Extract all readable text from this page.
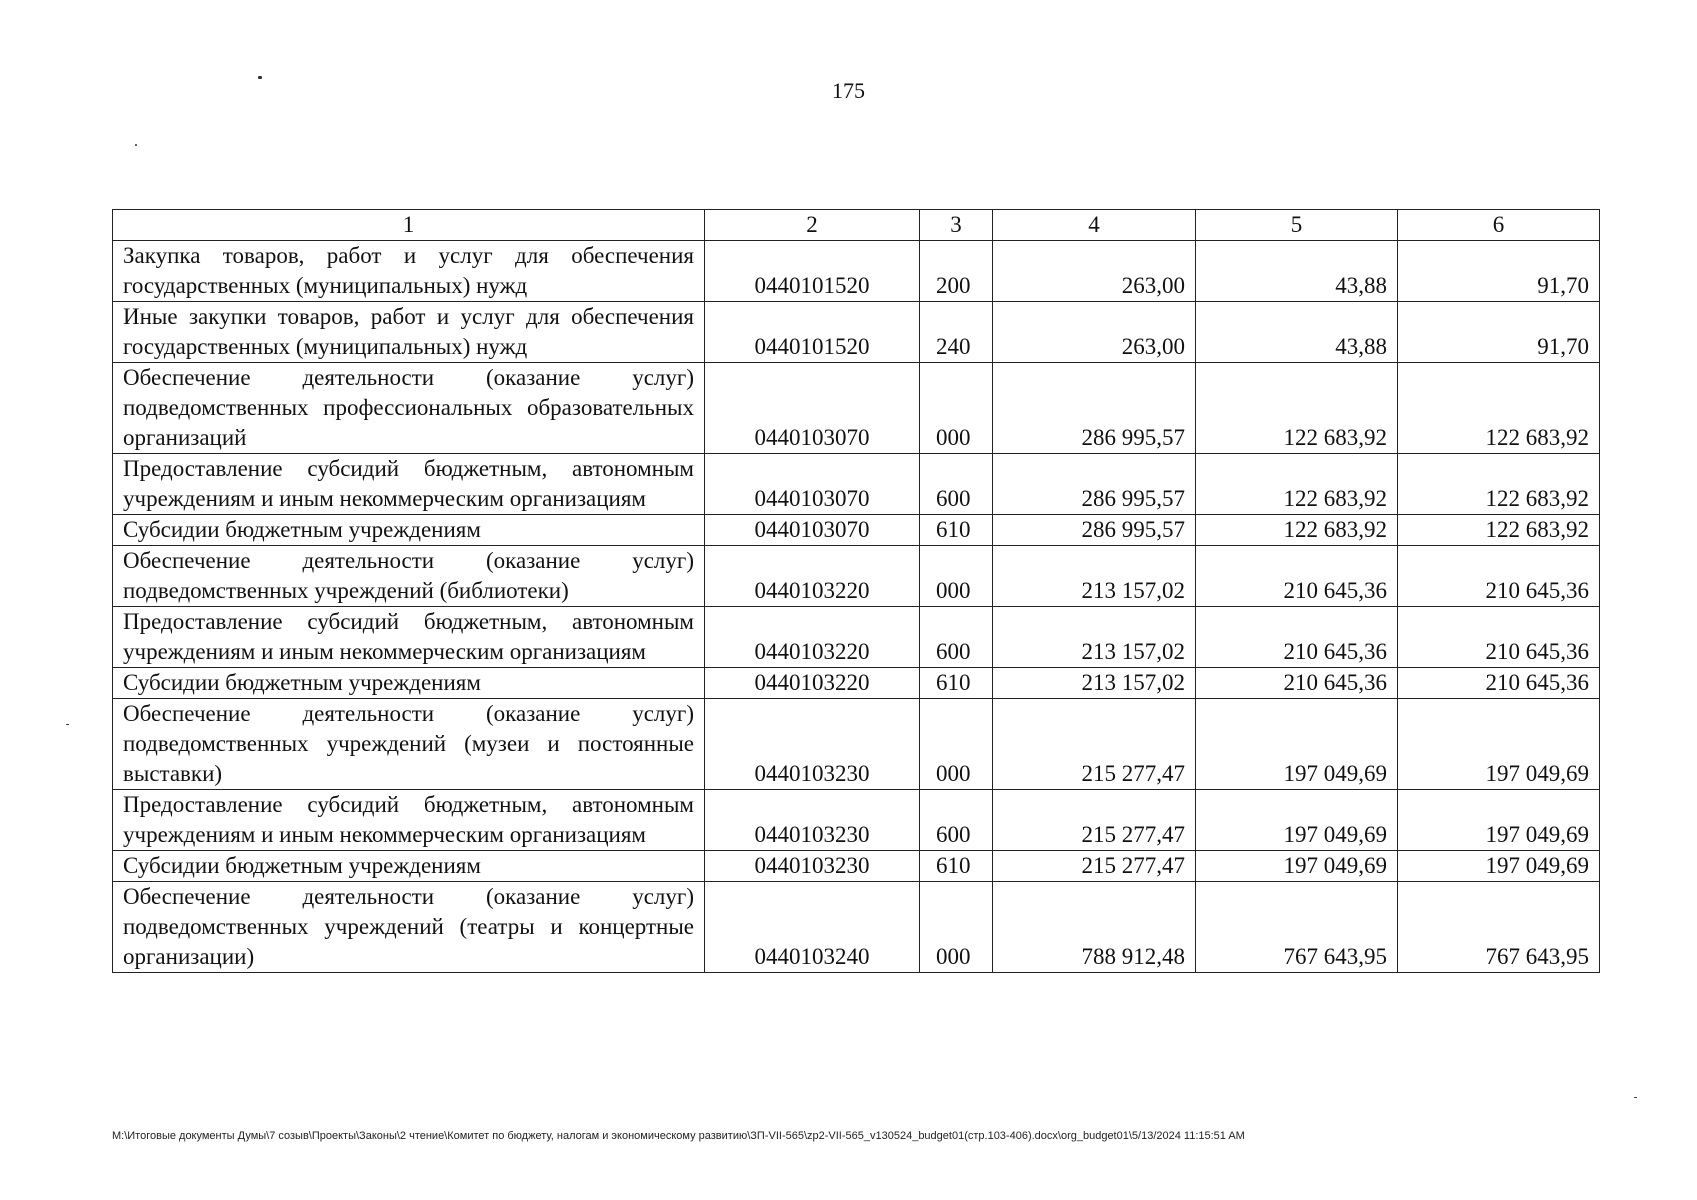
175
1	2	3	4	5	6
Закупка товаров, работ и услуг для обеспечения государственных (муниципальных) нужд	0440101520	200	263,00	43,88	91,70
Иные закупки товаров, работ и услуг для обеспечения государственных (муниципальных) нужд	0440101520	240	263,00	43,88	91,70
Обеспечение деятельности (оказание услуг) подведомственных профессиональных образовательных организаций	0440103070	000	286 995,57	122 683,92	122 683,92
Предоставление субсидий бюджетным, автономным учреждениям и иным некоммерческим организациям	0440103070	600	286 995,57	122 683,92	122 683,92
Субсидии бюджетным учреждениям	0440103070	610	286 995,57	122 683,92	122 683,92
Обеспечение деятельности (оказание услуг) подведомственных учреждений (библиотеки)	0440103220	000	213 157,02	210 645,36	210 645,36
Предоставление субсидий бюджетным, автономным учреждениям и иным некоммерческим организациям	0440103220	600	213 157,02	210 645,36	210 645,36
Субсидии бюджетным учреждениям	0440103220	610	213 157,02	210 645,36	210 645,36
Обеспечение деятельности (оказание услуг) подведомственных учреждений (музеи и постоянные выставки)	0440103230	000	215 277,47	197 049,69	197 049,69
Предоставление субсидий бюджетным, автономным учреждениям и иным некоммерческим организациям	0440103230	600	215 277,47	197 049,69	197 049,69
Субсидии бюджетным учреждениям	0440103230	610	215 277,47	197 049,69	197 049,69
Обеспечение деятельности (оказание услуг) подведомственных учреждений (театры и концертные организации)	0440103240	000	788 912,48	767 643,95	767 643,95
M:\Итоговые документы Думы\7 созыв\Проекты\Законы\2 чтение\Комитет по бюджету, налогам и экономическому развитию\ЗП-VII-565\zp2-VII-565_v130524_budget01(стр.103-406).docx\org_budget01\5/13/2024 11:15:51 AM
